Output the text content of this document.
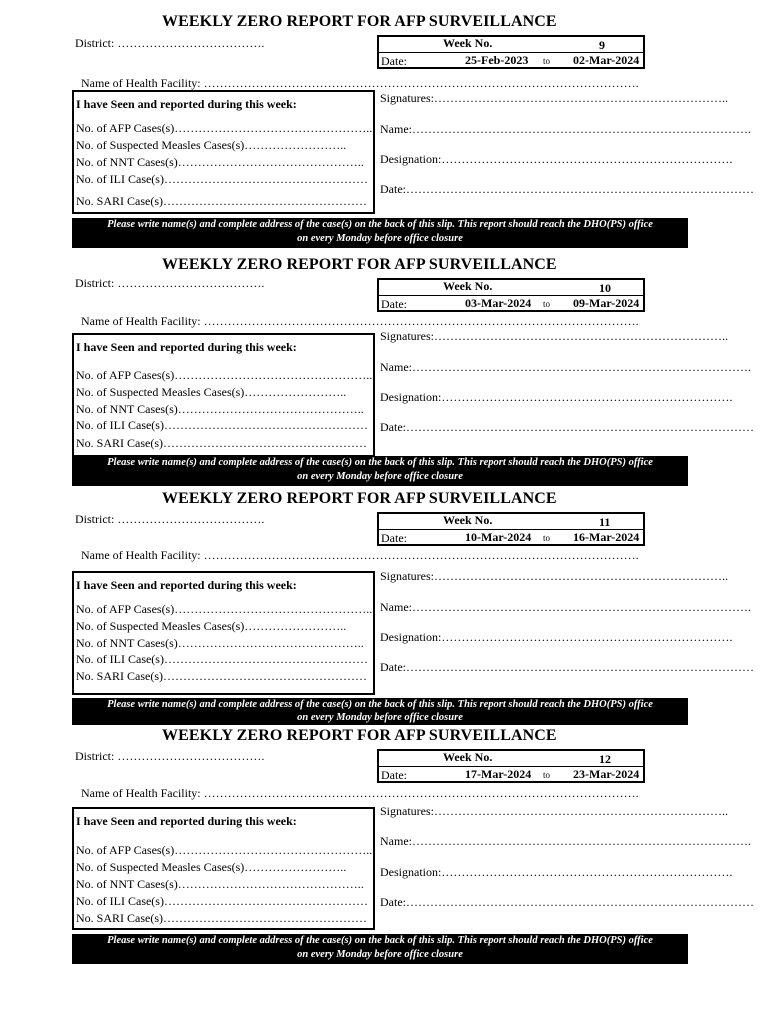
WEEKLY ZERO REPORT FOR AFP SURVEILLANCE
District: ……………………………….	Week No.	9
Date:	25-Feb-2023 to 02-Mar-2024
Name of Health Facility: ……………………………………………………………………………………………….
I have Seen and reported during this week:
No. of AFP Cases(s)…………………………………………..
No. of Suspected Measles Cases(s)……………………..
No. of NNT Cases(s)………………………………………..
No. of ILI Case(s)……………………………………………
No. SARI Case(s)……………………………………………
Signatures:………………………………………………………………..
Name:………………………………………………………………………….
Designation:……………………………………………………………….
Date:……………………………………………………………………………
Please write name(s) and complete address of the case(s) on the back of this slip. This report should reach the DHO(PS) office
on every Monday before office closure
WEEKLY ZERO REPORT FOR AFP SURVEILLANCE
District: ……………………………….	Week No.	10
Date:	03-Mar-2024 to 09-Mar-2024
Name of Health Facility: ……………………………………………………………………………………………….
I have Seen and reported during this week:
No. of AFP Cases(s)…………………………………………..
No. of Suspected Measles Cases(s)……………………..
No. of NNT Cases(s)………………………………………..
No. of ILI Case(s)……………………………………………
No. SARI Case(s)……………………………………………
Signatures:………………………………………………………………..
Name:………………………………………………………………………….
Designation:……………………………………………………………….
Date:……………………………………………………………………………
Please write name(s) and complete address of the case(s) on the back of this slip. This report should reach the DHO(PS) office
on every Monday before office closure
WEEKLY ZERO REPORT FOR AFP SURVEILLANCE
District: ……………………………….	Week No.	11
Date:	10-Mar-2024 to 16-Mar-2024
Name of Health Facility: ……………………………………………………………………………………………….
I have Seen and reported during this week:
No. of AFP Cases(s)…………………………………………..
No. of Suspected Measles Cases(s)……………………..
No. of NNT Cases(s)………………………………………..
No. of ILI Case(s)……………………………………………
No. SARI Case(s)……………………………………………
Signatures:………………………………………………………………..
Name:………………………………………………………………………….
Designation:……………………………………………………………….
Date:……………………………………………………………………………
Please write name(s) and complete address of the case(s) on the back of this slip. This report should reach the DHO(PS) office
on every Monday before office closure
WEEKLY ZERO REPORT FOR AFP SURVEILLANCE
District: ……………………………….	Week No.	12
Date:	17-Mar-2024 to 23-Mar-2024
Name of Health Facility: ……………………………………………………………………………………………….
I have Seen and reported during this week:
No. of AFP Cases(s)…………………………………………..
No. of Suspected Measles Cases(s)……………………..
No. of NNT Cases(s)………………………………………..
No. of ILI Case(s)……………………………………………
No. SARI Case(s)……………………………………………
Signatures:………………………………………………………………..
Name:………………………………………………………………………….
Designation:……………………………………………………………….
Date:……………………………………………………………………………
Please write name(s) and complete address of the case(s) on the back of this slip. This report should reach the DHO(PS) office
on every Monday before office closure
